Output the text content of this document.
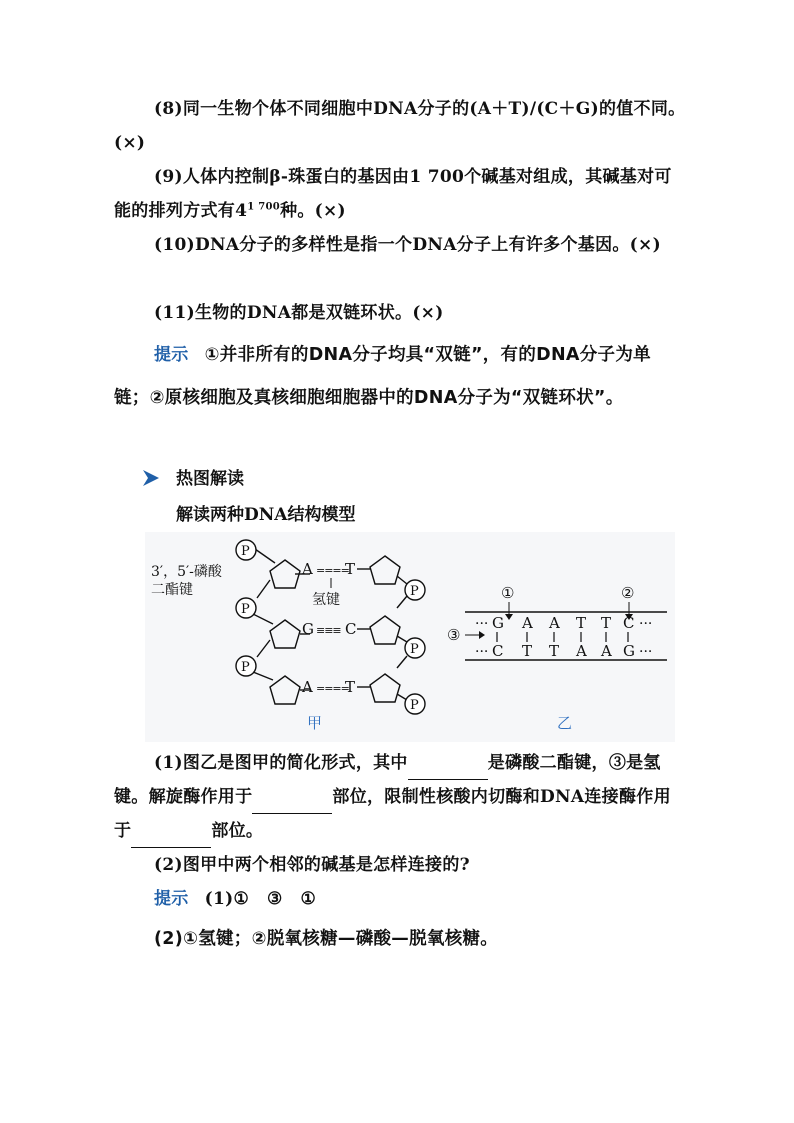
(8)同一生物个体不同细胞中DNA分子的(A＋T)/(C＋G)的值不同。(×)
(9)人体内控制β-珠蛋白的基因由1 700个碱基对组成，其碱基对可能的排列方式有$4^{1 700}$种。(×)
(10)DNA分子的多样性是指一个DNA分子上有许多个基因。(×)
(11)生物的DNA都是双链环状。(×)
提示 ①并非所有的DNA分子均具“双链”，有的DNA分子为单链；②原核细胞及真核细胞细胞器中的DNA分子为“双链环状”。
热图解读
解读两种DNA结构模型
3′，5′-磷酸
二酯键
P
P
P
A ====
T
氢键
G ≡≡≡ C
A ====
T
P
P
P
甲
①	②
③
···	···
···	···
G A A T T C
C T T A A G
乙
(1)图乙是图甲的简化形式，其中	是磷酸二酯键，③是氢键。解旋酶作用于	部位，限制性核酸内切酶和DNA连接酶作用于	部位。
(2)图甲中两个相邻的碱基是怎样连接的?
提示 (1)① ③ ①
(2)①氢键；②脱氧核糖—磷酸—脱氧核糖。
